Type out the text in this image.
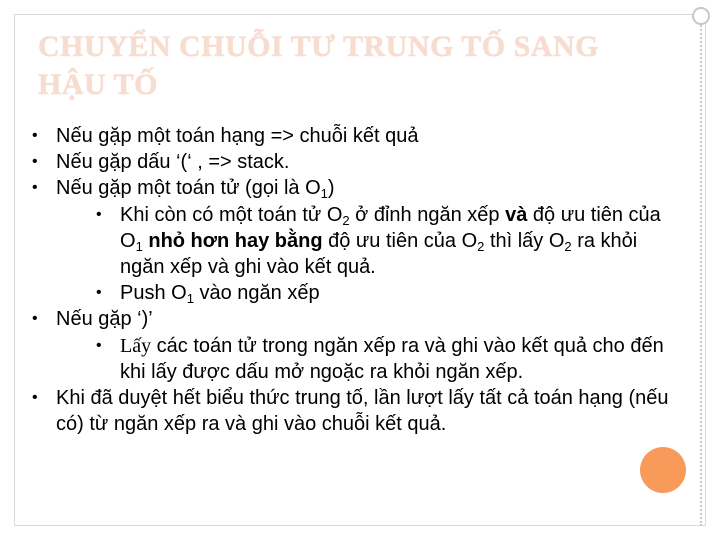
CHUYỂN CHUỖI TƯ TRUNG TỐ SANG HẬU TỐ
• Nếu gặp một toán hạng => chuỗi kết quả
• Nếu gặp dấu ‘(‘ , => stack.
• Nếu gặp một toán tử (gọi là $O_1$)
• Khi còn có một toán tử $O_2$ ở đỉnh ngăn xếp và độ ưu tiên của $O_1$ nhỏ hơn hay bằng độ ưu tiên của $O_2$ thì lấy $O_2$ ra khỏi ngăn xếp và ghi vào kết quả.
• Push $O_1$ vào ngăn xếp
• Nếu gặp ‘)’
• Lấy các toán tử trong ngăn xếp ra và ghi vào kết quả cho đến khi lấy được dấu mở ngoặc ra khỏi ngăn xếp.
• Khi đã duyệt hết biểu thức trung tố, lần lượt lấy tất cả toán hạng (nếu có) từ ngăn xếp ra và ghi vào chuỗi kết quả.
